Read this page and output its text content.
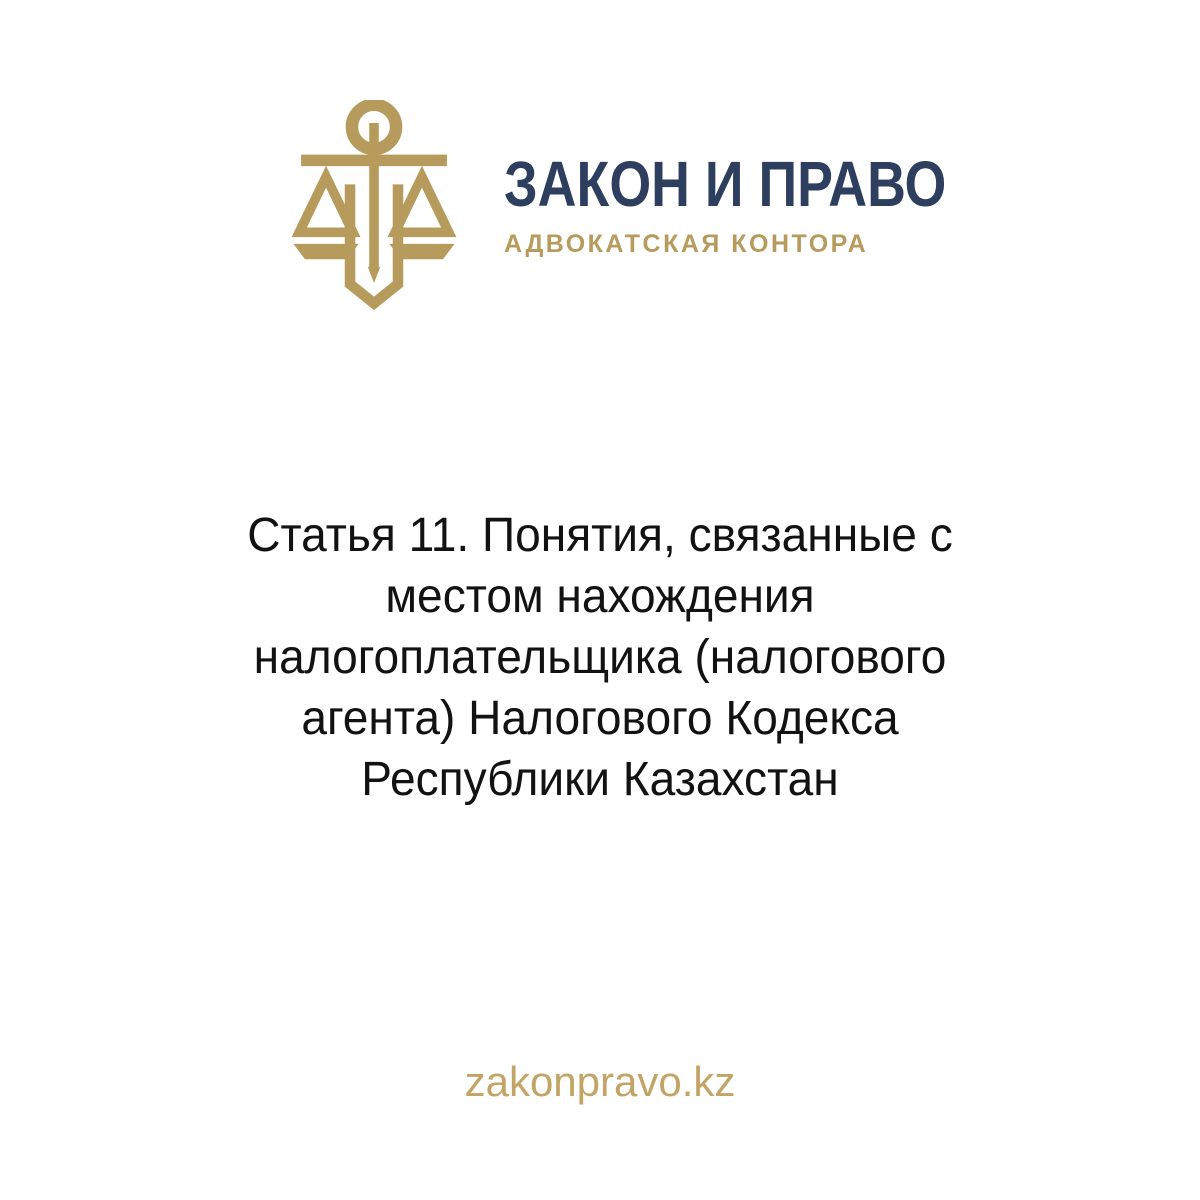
ЗАКОН И ПРАВО
АДВОКАТСКАЯ КОНТОРА
Статья 11. Понятия, связанные с
местом нахождения
налогоплательщика (налогового
агента) Налогового Кодекса
Республики Казахстан
zakonpravo.kz
